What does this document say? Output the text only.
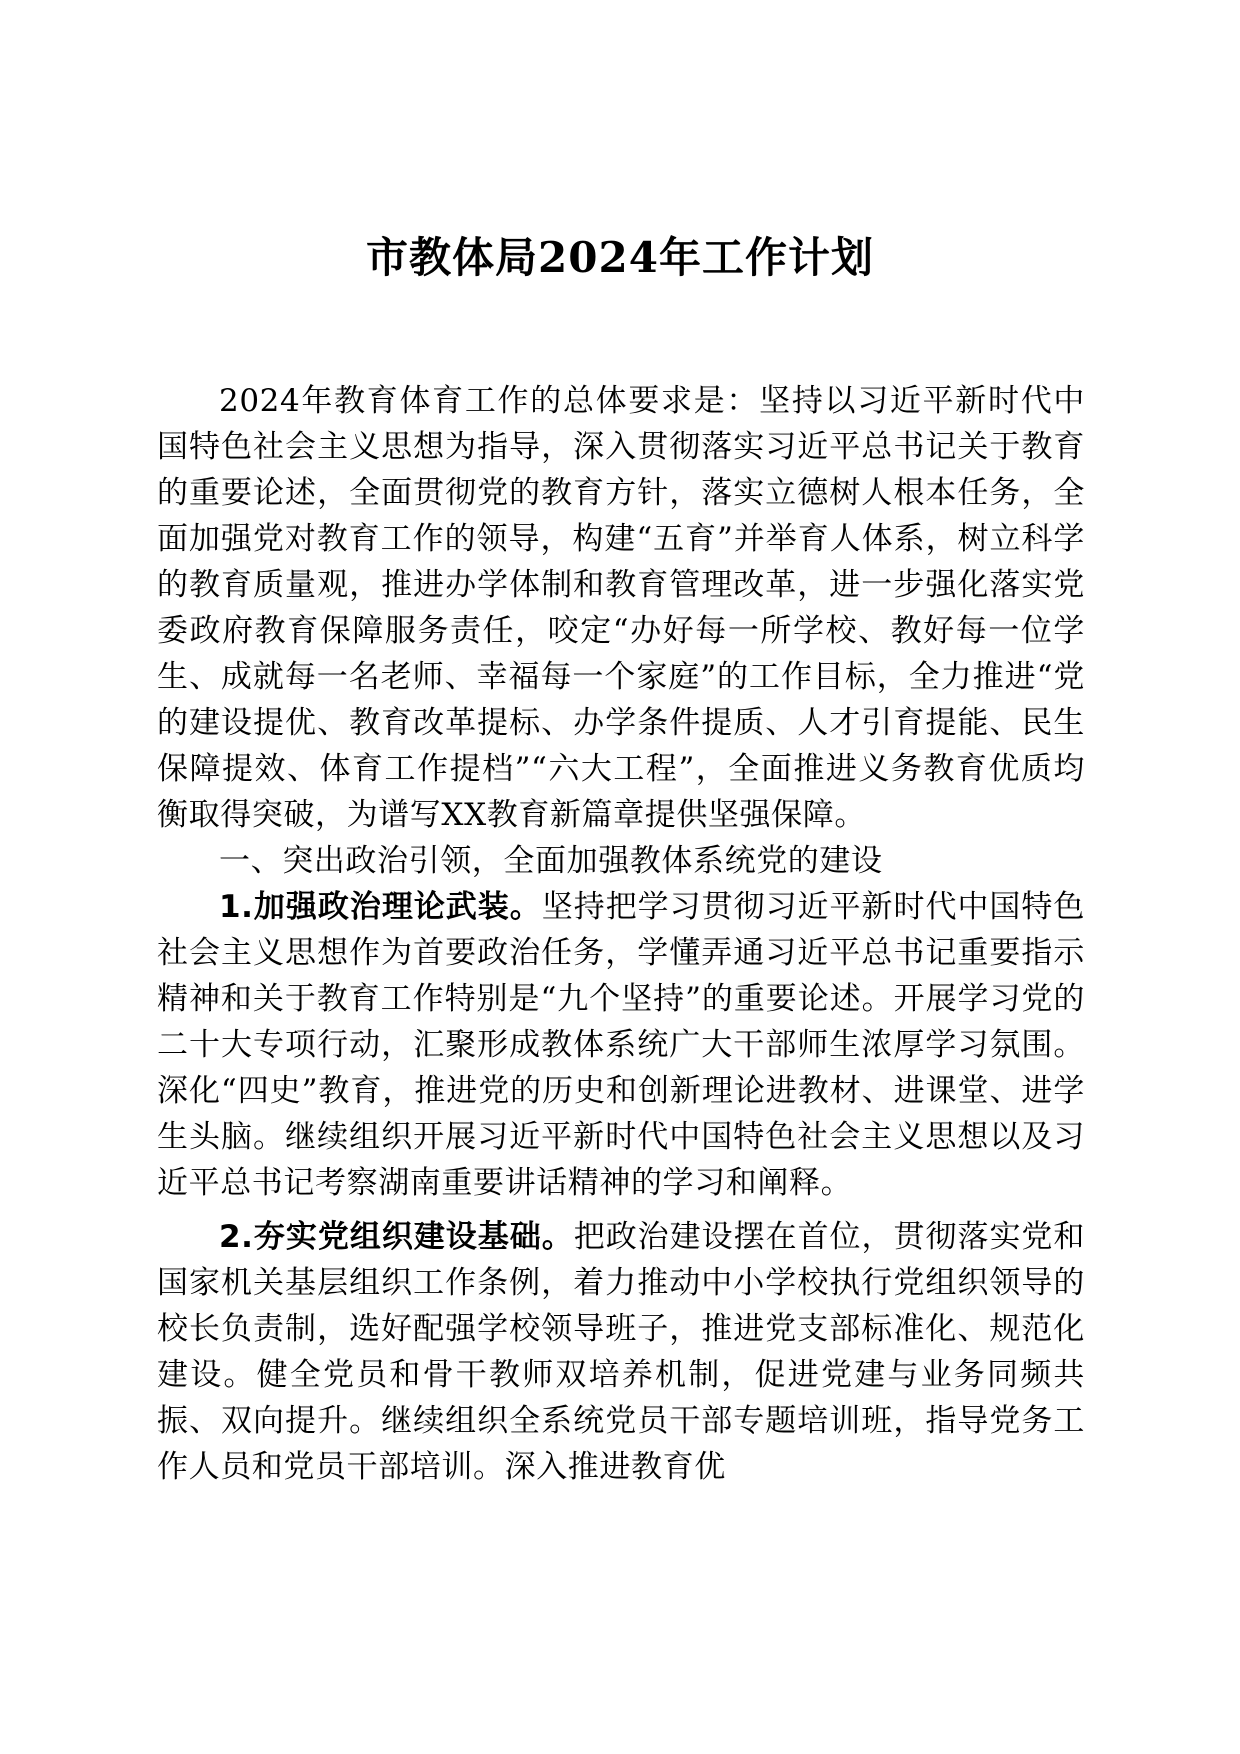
市教体局2024年工作计划

2024年教育体育工作的总体要求是：坚持以习近平新时代中国特色社会主义思想为指导，深入贯彻落实习近平总书记关于教育的重要论述，全面贯彻党的教育方针，落实立德树人根本任务，全面加强党对教育工作的领导，构建“五育”并举育人体系，树立科学的教育质量观，推进办学体制和教育管理改革，进一步强化落实党委政府教育保障服务责任，咬定“办好每一所学校、教好每一位学生、成就每一名老师、幸福每一个家庭”的工作目标，全力推进“党的建设提优、教育改革提标、办学条件提质、人才引育提能、民生保障提效、体育工作提档”“六大工程”，全面推进义务教育优质均衡取得突破，为谱写XX教育新篇章提供坚强保障。

一、突出政治引领，全面加强教体系统党的建设

1.加强政治理论武装。坚持把学习贯彻习近平新时代中国特色社会主义思想作为首要政治任务，学懂弄通习近平总书记重要指示精神和关于教育工作特别是“九个坚持”的重要论述。开展学习党的二十大专项行动，汇聚形成教体系统广大干部师生浓厚学习氛围。深化“四史”教育，推进党的历史和创新理论进教材、进课堂、进学生头脑。继续组织开展习近平新时代中国特色社会主义思想以及习近平总书记考察湖南重要讲话精神的学习和阐释。

2.夯实党组织建设基础。把政治建设摆在首位，贯彻落实党和国家机关基层组织工作条例，着力推动中小学校执行党组织领导的校长负责制，选好配强学校领导班子，推进党支部标准化、规范化建设。健全党员和骨干教师双培养机制，促进党建与业务同频共振、双向提升。继续组织全系统党员干部专题培训班，指导党务工作人员和党员干部培训。深入推进教育优
